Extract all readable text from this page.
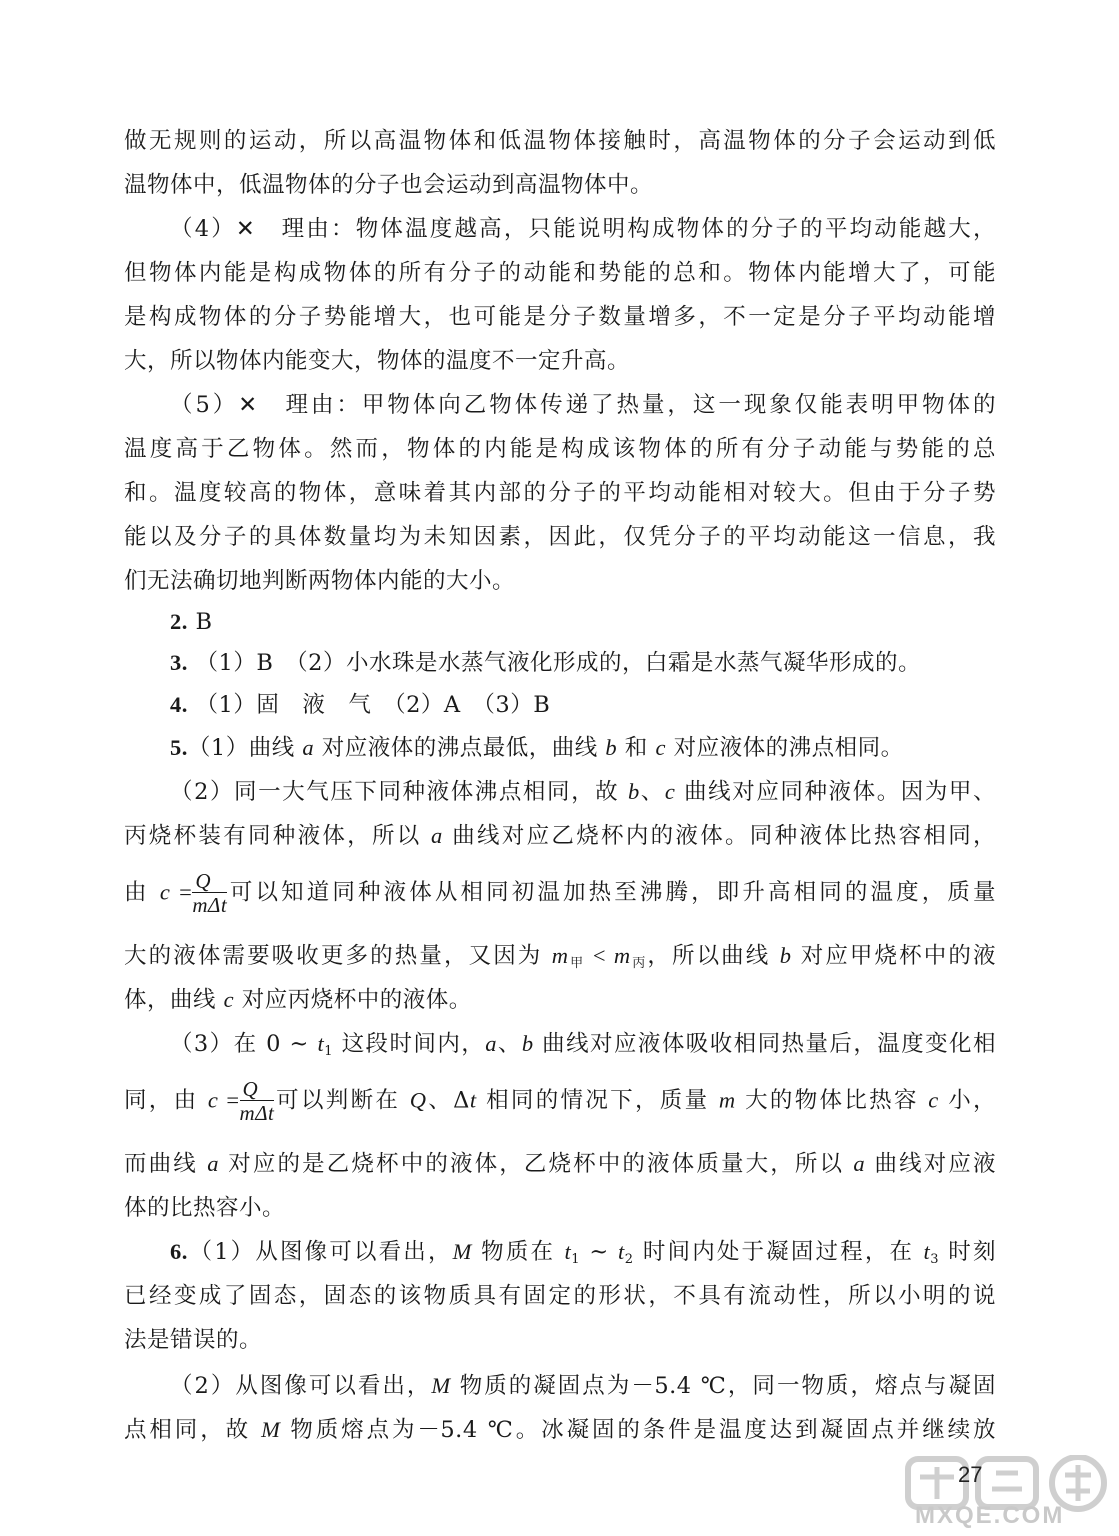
做无规则的运动，所以高温物体和低温物体接触时，高温物体的分子会运动到低
温物体中，低温物体的分子也会运动到高温物体中。
（4）✕　理由：物体温度越高，只能说明构成物体的分子的平均动能越大，
但物体内能是构成物体的所有分子的动能和势能的总和。物体内能增大了，可能
是构成物体的分子势能增大，也可能是分子数量增多，不一定是分子平均动能增
大，所以物体内能变大，物体的温度不一定升高。
（5）✕　理由：甲物体向乙物体传递了热量，这一现象仅能表明甲物体的
温度高于乙物体。然而，物体的内能是构成该物体的所有分子动能与势能的总
和。温度较高的物体，意味着其内部的分子的平均动能相对较大。但由于分子势
能以及分子的具体数量均为未知因素，因此，仅凭分子的平均动能这一信息，我
们无法确切地判断两物体内能的大小。
2. B
3. （1）B　（2）小水珠是水蒸气液化形成的，白霜是水蒸气凝华形成的。
4. （1）固　液　气　（2）A　（3）B
5.（1）曲线 a 对应液体的沸点最低，曲线 b 和 c 对应液体的沸点相同。
（2）同一大气压下同种液体沸点相同，故 b、c 曲线对应同种液体。因为甲、
丙烧杯装有同种液体，所以 a 曲线对应乙烧杯内的液体。同种液体比热容相同，
由 $c = \frac{Q}{\text{mΔt}}$ 可以知道同种液体从相同初温加热至沸腾，即升高相同的温度，质量
大的液体需要吸收更多的热量，又因为 $m_甲 < m_丙$，所以曲线 b 对应甲烧杯中的液
体，曲线 c 对应丙烧杯中的液体。
（3）在 0 ~ $t_1$ 这段时间内，a、b 曲线对应液体吸收相同热量后，温度变化相
同，由 $c = \frac{Q}{\text{mΔt}}$ 可以判断在 Q、Δt 相同的情况下，质量 m 大的物体比热容 c 小，
而曲线 a 对应的是乙烧杯中的液体，乙烧杯中的液体质量大，所以 a 曲线对应液
体的比热容小。
6.（1）从图像可以看出，M 物质在 $t_1$ ~ $t_2$ 时间内处于凝固过程，在 $t_3$ 时刻
已经变成了固态，固态的该物质具有固定的形状，不具有流动性，所以小明的说
法是错误的。
（2）从图像可以看出，M 物质的凝固点为－5.4 ℃，同一物质，熔点与凝固
点相同，故 M 物质熔点为－5.4 ℃。冰凝固的条件是温度达到凝固点并继续放
27
MXQE.COM
